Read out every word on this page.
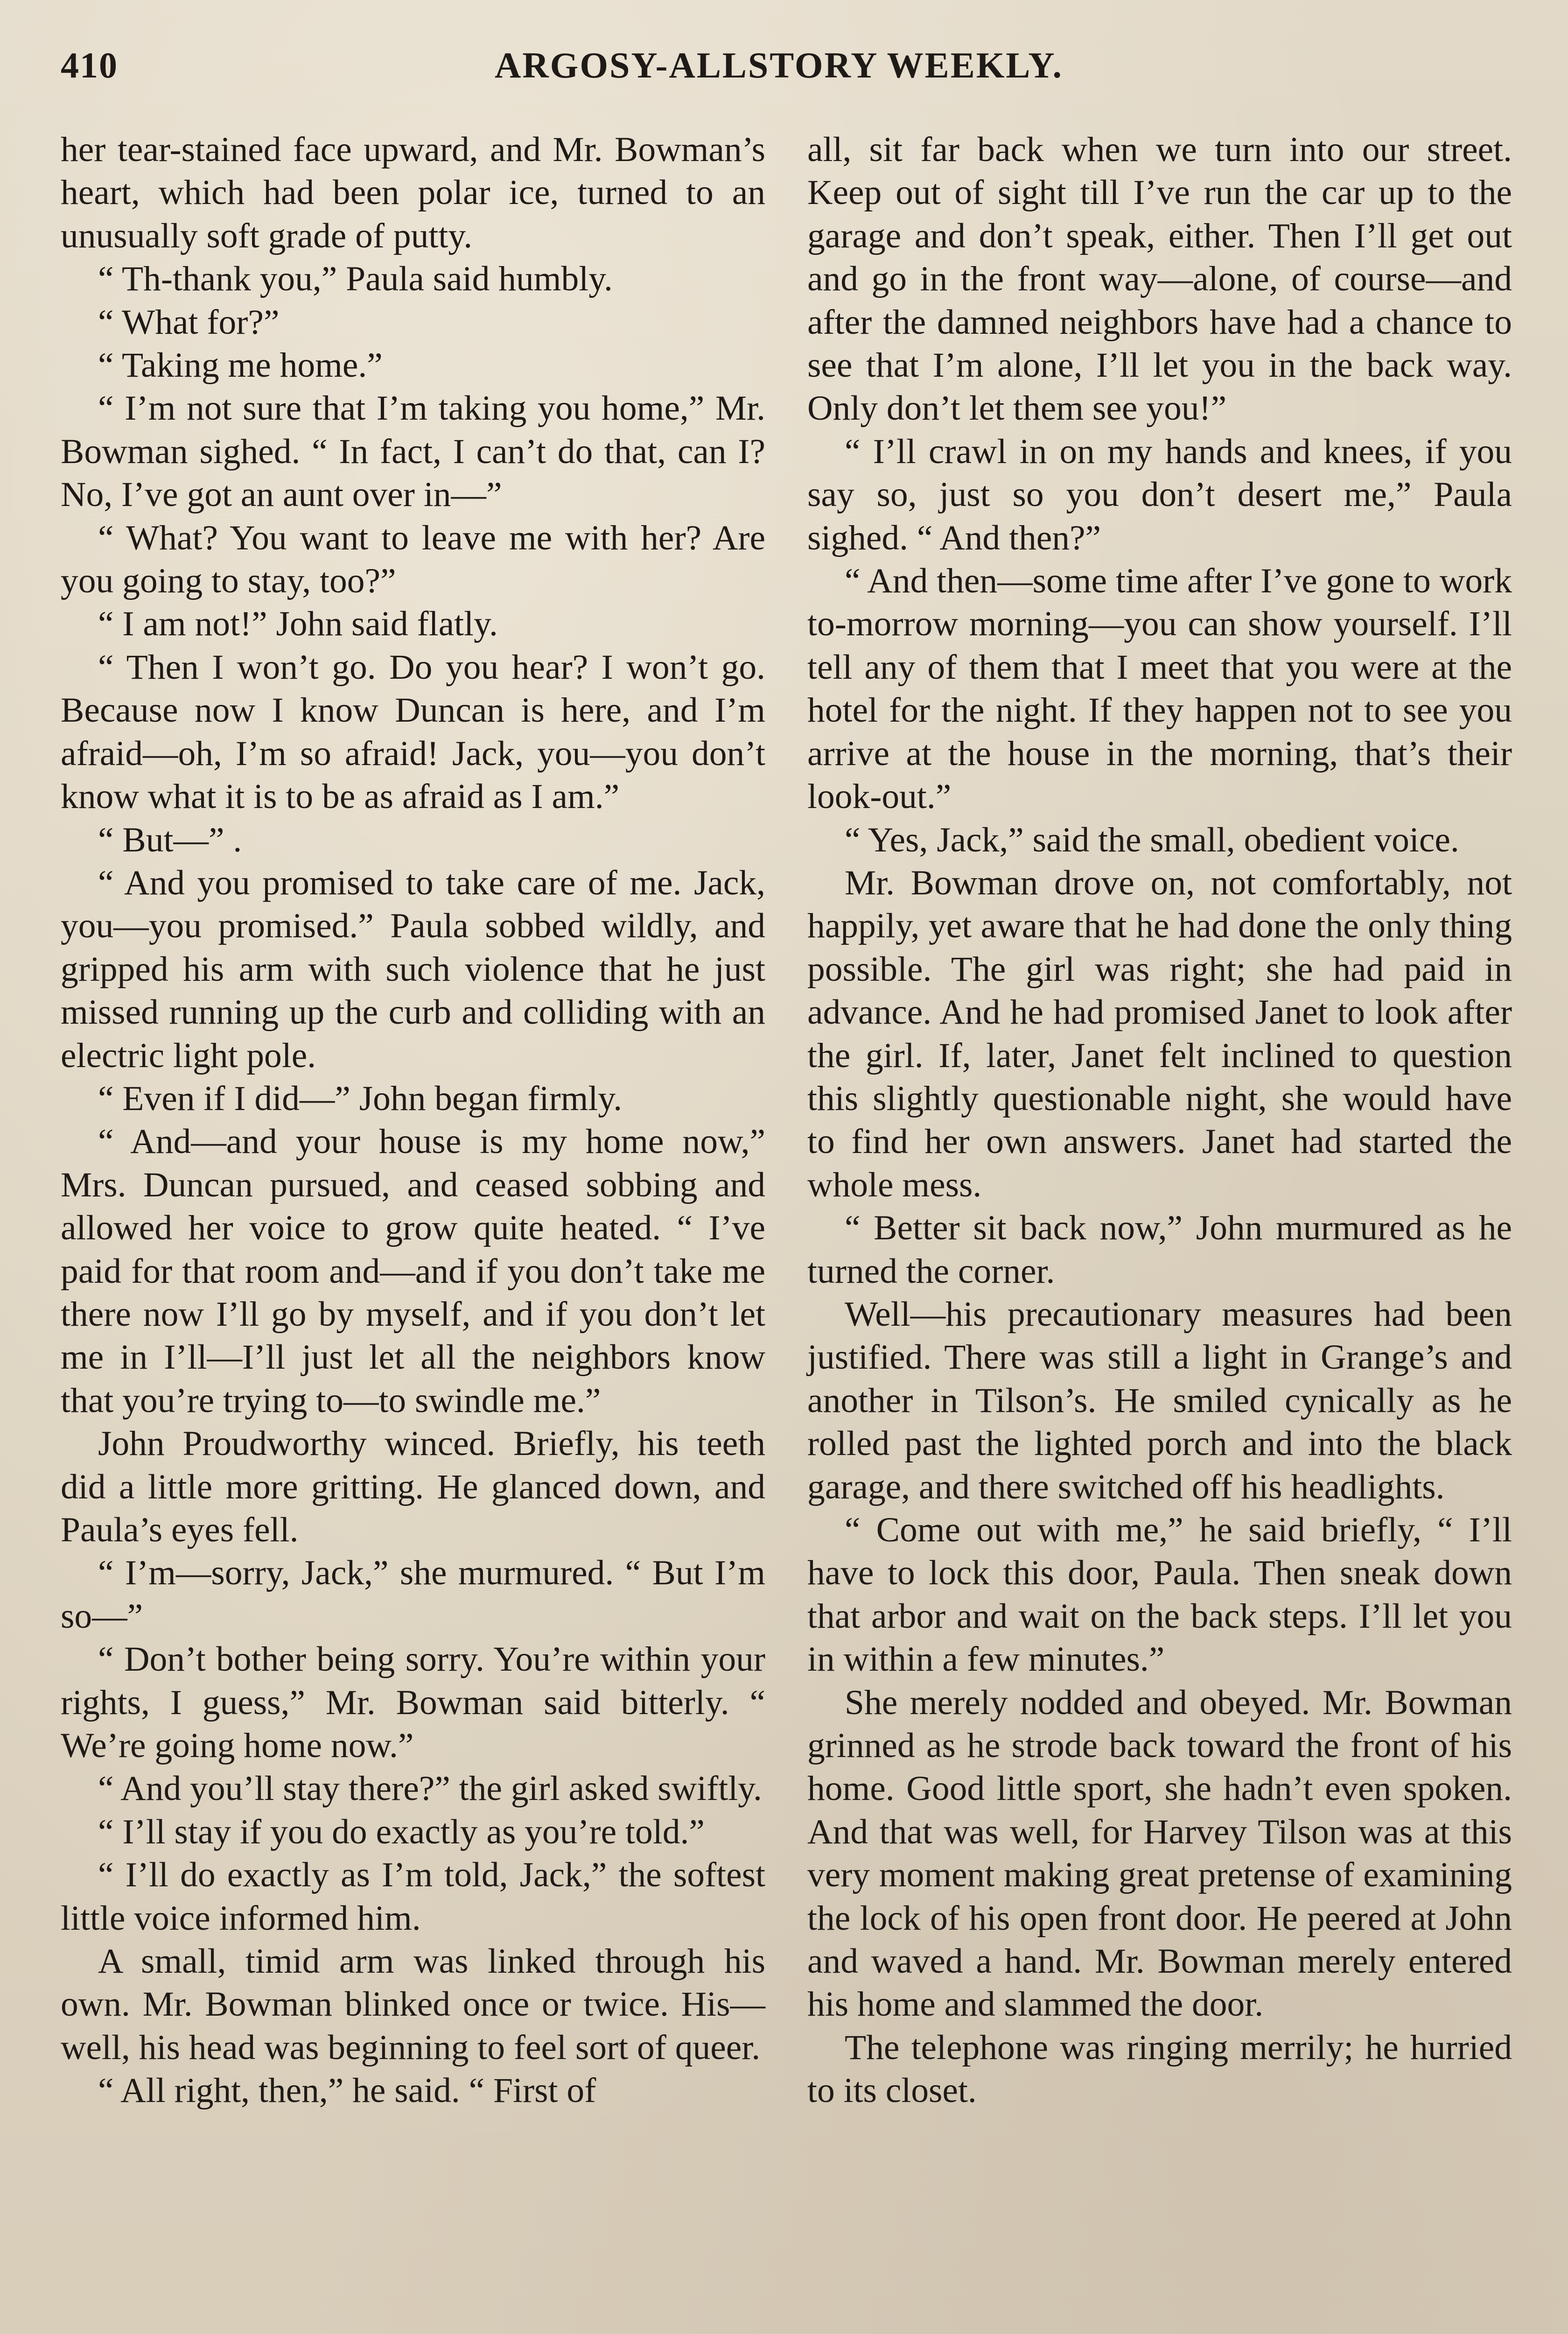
410	ARGOSY-ALLSTORY WEEKLY.

her tear-stained face upward, and Mr. Bowman’s heart, which had been polar ice, turned to an unusually soft grade of putty.

“ Th-thank you,” Paula said humbly.

“ What for?”

“ Taking me home.”

“ I’m not sure that I’m taking you home,” Mr. Bowman sighed. “ In fact, I can’t do that, can I? No, I’ve got an aunt over in—”

“ What? You want to leave me with her? Are you going to stay, too?”

“ I am not!” John said flatly.

“ Then I won’t go. Do you hear? I won’t go. Because now I know Duncan is here, and I’m afraid—oh, I’m so afraid! Jack, you—you don’t know what it is to be as afraid as I am.”

“ But—” .

“ And you promised to take care of me. Jack, you—you promised.” Paula sobbed wildly, and gripped his arm with such violence that he just missed running up the curb and colliding with an electric light pole.

“ Even if I did—” John began firmly.

“ And—and your house is my home now,” Mrs. Duncan pursued, and ceased sobbing and allowed her voice to grow quite heated. “ I’ve paid for that room and—and if you don’t take me there now I’ll go by myself, and if you don’t let me in I’ll—I’ll just let all the neighbors know that you’re trying to—to swindle me.”

John Proudworthy winced. Briefly, his teeth did a little more gritting. He glanced down, and Paula’s eyes fell.

“ I’m—sorry, Jack,” she murmured. “ But I’m so—”

“ Don’t bother being sorry. You’re within your rights, I guess,” Mr. Bowman said bitterly. “ We’re going home now.”

“ And you’ll stay there?” the girl asked swiftly.

“ I’ll stay if you do exactly as you’re told.”

“ I’ll do exactly as I’m told, Jack,” the softest little voice informed him.

A small, timid arm was linked through his own. Mr. Bowman blinked once or twice. His—well, his head was beginning to feel sort of queer.

“ All right, then,” he said. “ First of

all, sit far back when we turn into our street. Keep out of sight till I’ve run the car up to the garage and don’t speak, either. Then I’ll get out and go in the front way—alone, of course—and after the damned neighbors have had a chance to see that I’m alone, I’ll let you in the back way. Only don’t let them see you!”

“ I’ll crawl in on my hands and knees, if you say so, just so you don’t desert me,” Paula sighed. “ And then?”

“ And then—some time after I’ve gone to work to-morrow morning—you can show yourself. I’ll tell any of them that I meet that you were at the hotel for the night. If they happen not to see you arrive at the house in the morning, that’s their look-out.”

“ Yes, Jack,” said the small, obedient voice.

Mr. Bowman drove on, not comfortably, not happily, yet aware that he had done the only thing possible. The girl was right; she had paid in advance. And he had promised Janet to look after the girl. If, later, Janet felt inclined to question this slightly questionable night, she would have to find her own answers. Janet had started the whole mess.

“ Better sit back now,” John murmured as he turned the corner.

Well—his precautionary measures had been justified. There was still a light in Grange’s and another in Tilson’s. He smiled cynically as he rolled past the lighted porch and into the black garage, and there switched off his headlights.

“ Come out with me,” he said briefly, “ I’ll have to lock this door, Paula. Then sneak down that arbor and wait on the back steps. I’ll let you in within a few minutes.”

She merely nodded and obeyed. Mr. Bowman grinned as he strode back toward the front of his home. Good little sport, she hadn’t even spoken. And that was well, for Harvey Tilson was at this very moment making great pretense of examining the lock of his open front door. He peered at John and waved a hand. Mr. Bowman merely entered his home and slammed the door.

The telephone was ringing merrily; he hurried to its closet.
